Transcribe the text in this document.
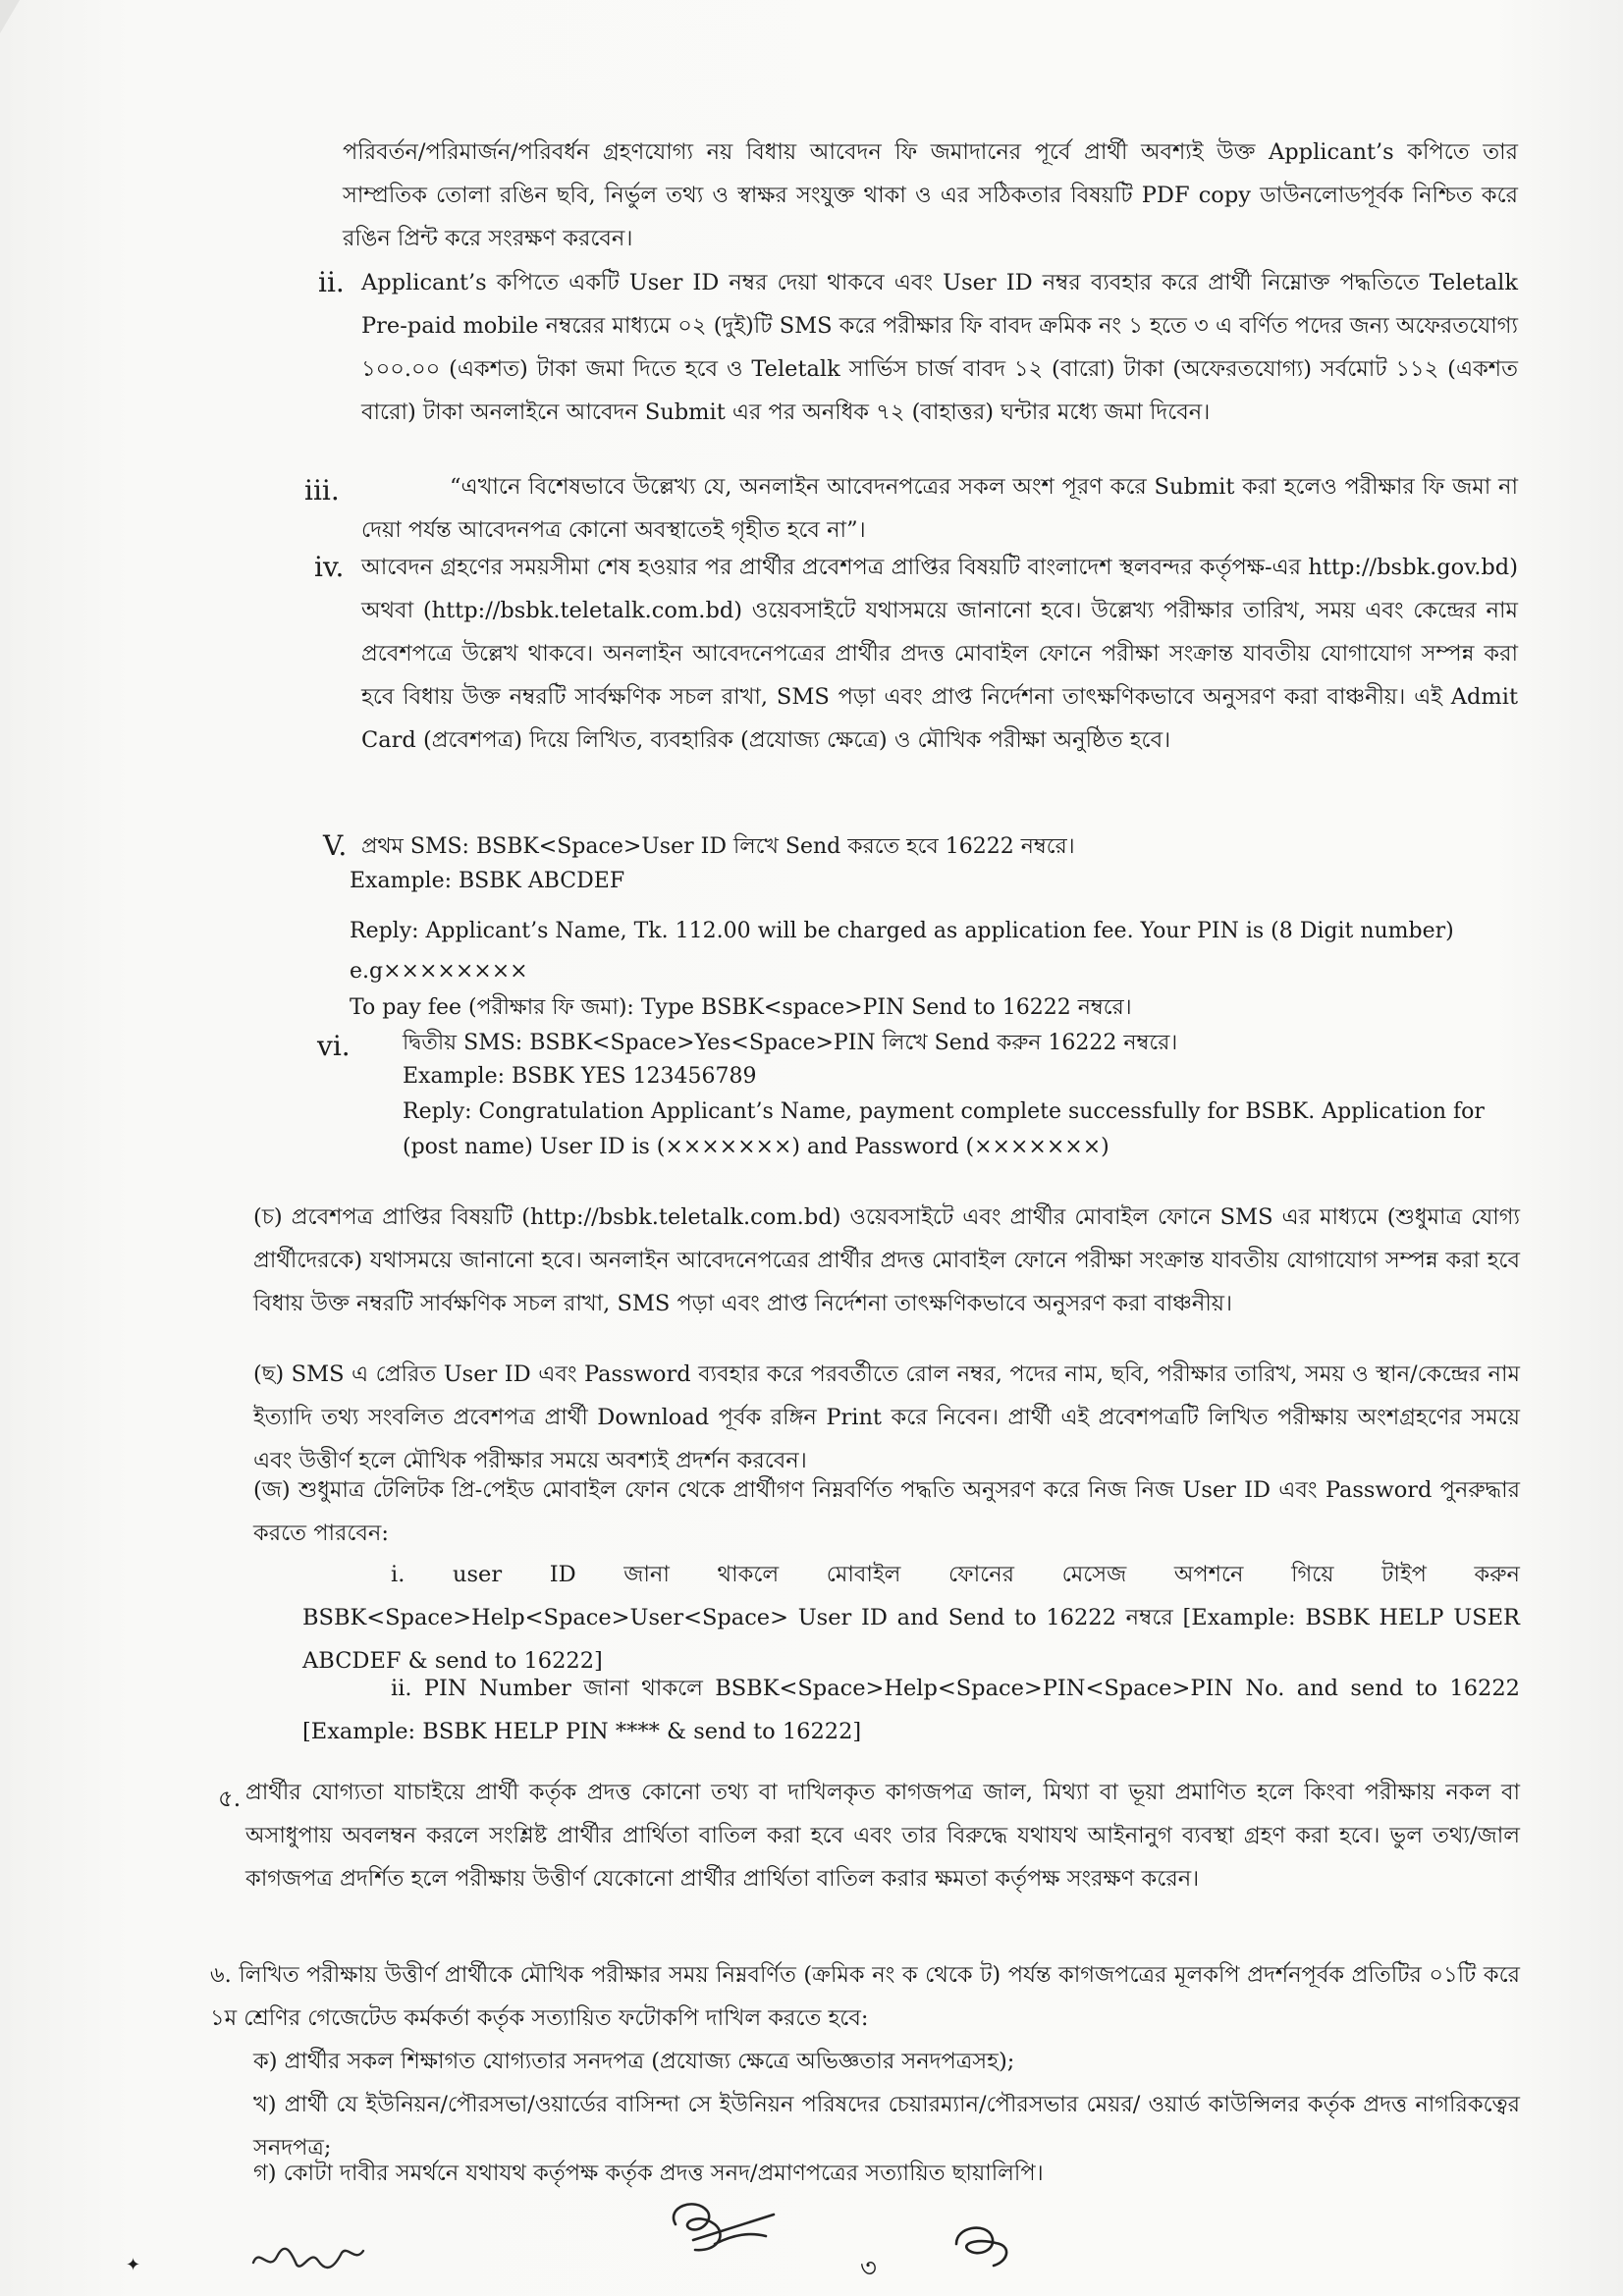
পরিবর্তন/পরিমার্জন/পরিবর্ধন গ্রহণযোগ্য নয় বিধায় আবেদন ফি জমাদানের পূর্বে প্রার্থী অবশ্যই উক্ত Applicant’s কপিতে তার সাম্প্রতিক তোলা রঙিন ছবি, নির্ভুল তথ্য ও স্বাক্ষর সংযুক্ত থাকা ও এর সঠিকতার বিষয়টি PDF copy ডাউনলোডপূর্বক নিশ্চিত করে রঙিন প্রিন্ট করে সংরক্ষণ করবেন।

ii. Applicant’s কপিতে একটি User ID নম্বর দেয়া থাকবে এবং User ID নম্বর ব্যবহার করে প্রার্থী নিম্নোক্ত পদ্ধতিতে Teletalk Pre-paid mobile নম্বরের মাধ্যমে ০২ (দুই)টি SMS করে পরীক্ষার ফি বাবদ ক্রমিক নং ১ হতে ৩ এ বর্ণিত পদের জন্য অফেরতযোগ্য ১০০.০০ (একশত) টাকা জমা দিতে হবে ও Teletalk সার্ভিস চার্জ বাবদ ১২ (বারো) টাকা (অফেরতযোগ্য) সর্বমোট ১১২ (একশত বারো) টাকা অনলাইনে আবেদন Submit এর পর অনধিক ৭২ (বাহাত্তর) ঘন্টার মধ্যে জমা দিবেন।

iii.	“এখানে বিশেষভাবে উল্লেখ্য যে, অনলাইন আবেদনপত্রের সকল অংশ পূরণ করে Submit করা হলেও পরীক্ষার ফি জমা না দেয়া পর্যন্ত আবেদনপত্র কোনো অবস্থাতেই গৃহীত হবে না”।

iv. আবেদন গ্রহণের সময়সীমা শেষ হওয়ার পর প্রার্থীর প্রবেশপত্র প্রাপ্তির বিষয়টি বাংলাদেশ স্থলবন্দর কর্তৃপক্ষ-এর http://bsbk.gov.bd) অথবা (http://bsbk.teletalk.com.bd) ওয়েবসাইটে যথাসময়ে জানানো হবে। উল্লেখ্য পরীক্ষার তারিখ, সময় এবং কেন্দ্রের নাম প্রবেশপত্রে উল্লেখ থাকবে। অনলাইন আবেদনেপত্রের প্রার্থীর প্রদত্ত মোবাইল ফোনে পরীক্ষা সংক্রান্ত যাবতীয় যোগাযোগ সম্পন্ন করা হবে বিধায় উক্ত নম্বরটি সার্বক্ষণিক সচল রাখা, SMS পড়া এবং প্রাপ্ত নির্দেশনা তাৎক্ষণিকভাবে অনুসরণ করা বাঞ্চনীয়। এই Admit Card (প্রবেশপত্র) দিয়ে লিখিত, ব্যবহারিক (প্রযোজ্য ক্ষেত্রে) ও মৌখিক পরীক্ষা অনুষ্ঠিত হবে।

V. প্রথম SMS: BSBK<Space>User ID লিখে Send করতে হবে 16222 নম্বরে।

Example: BSBK ABCDEF

Reply: Applicant’s Name, Tk. 112.00 will be charged as application fee. Your PIN is (8 Digit number)

e.g××××××××

To pay fee (পরীক্ষার ফি জমা): Type BSBK<space>PIN Send to 16222 নম্বরে।

vi. দ্বিতীয় SMS: BSBK<Space>Yes<Space>PIN লিখে Send করুন 16222 নম্বরে।

Example: BSBK YES 123456789

Reply: Congratulation Applicant’s Name, payment complete successfully for BSBK. Application for

(post name) User ID is (×××××××) and Password (×××××××)

(চ) প্রবেশপত্র প্রাপ্তির বিষয়টি (http://bsbk.teletalk.com.bd) ওয়েবসাইটে এবং প্রার্থীর মোবাইল ফোনে SMS এর মাধ্যমে (শুধুমাত্র যোগ্য প্রার্থীদেরকে) যথাসময়ে জানানো হবে। অনলাইন আবেদনেপত্রের প্রার্থীর প্রদত্ত মোবাইল ফোনে পরীক্ষা সংক্রান্ত যাবতীয় যোগাযোগ সম্পন্ন করা হবে বিধায় উক্ত নম্বরটি সার্বক্ষণিক সচল রাখা, SMS পড়া এবং প্রাপ্ত নির্দেশনা তাৎক্ষণিকভাবে অনুসরণ করা বাঞ্চনীয়।

(ছ) SMS এ প্রেরিত User ID এবং Password ব্যবহার করে পরবর্তীতে রোল নম্বর, পদের নাম, ছবি, পরীক্ষার তারিখ, সময় ও স্থান/কেন্দ্রের নাম ইত্যাদি তথ্য সংবলিত প্রবেশপত্র প্রার্থী Download পূর্বক রঙ্গিন Print করে নিবেন। প্রার্থী এই প্রবেশপত্রটি লিখিত পরীক্ষায় অংশগ্রহণের সময়ে এবং উত্তীর্ণ হলে মৌখিক পরীক্ষার সময়ে অবশ্যই প্রদর্শন করবেন।

(জ) শুধুমাত্র টেলিটক প্রি-পেইড মোবাইল ফোন থেকে প্রার্থীগণ নিম্নবর্ণিত পদ্ধতি অনুসরণ করে নিজ নিজ User ID এবং Password পুনরুদ্ধার করতে পারবেন:

i. user ID জানা থাকলে মোবাইল ফোনের মেসেজ অপশনে গিয়ে টাইপ করুন BSBK<Space>Help<Space>User<Space> User ID and Send to 16222 নম্বরে [Example: BSBK HELP USER ABCDEF & send to 16222]

ii. PIN Number জানা থাকলে BSBK<Space>Help<Space>PIN<Space>PIN No. and send to 16222 [Example: BSBK HELP PIN **** & send to 16222]

৫. প্রার্থীর যোগ্যতা যাচাইয়ে প্রার্থী কর্তৃক প্রদত্ত কোনো তথ্য বা দাখিলকৃত কাগজপত্র জাল, মিথ্যা বা ভূয়া প্রমাণিত হলে কিংবা পরীক্ষায় নকল বা অসাধুপায় অবলম্বন করলে সংশ্লিষ্ট প্রার্থীর প্রার্থিতা বাতিল করা হবে এবং তার বিরুদ্ধে যথাযথ আইনানুগ ব্যবস্থা গ্রহণ করা হবে। ভুল তথ্য/জাল কাগজপত্র প্রদর্শিত হলে পরীক্ষায় উত্তীর্ণ যেকোনো প্রার্থীর প্রার্থিতা বাতিল করার ক্ষমতা কর্তৃপক্ষ সংরক্ষণ করেন।

৬. লিখিত পরীক্ষায় উত্তীর্ণ প্রার্থীকে মৌখিক পরীক্ষার সময় নিম্নবর্ণিত (ক্রমিক নং ক থেকে ট) পর্যন্ত কাগজপত্রের মূলকপি প্রদর্শনপূর্বক প্রতিটির ০১টি করে ১ম শ্রেণির গেজেটেড কর্মকর্তা কর্তৃক সত্যায়িত ফটোকপি দাখিল করতে হবে:

ক) প্রার্থীর সকল শিক্ষাগত যোগ্যতার সনদপত্র (প্রযোজ্য ক্ষেত্রে অভিজ্ঞতার সনদপত্রসহ);

খ) প্রার্থী যে ইউনিয়ন/পৌরসভা/ওয়ার্ডের বাসিন্দা সে ইউনিয়ন পরিষদের চেয়ারম্যান/পৌরসভার মেয়র/ ওয়ার্ড কাউন্সিলর কর্তৃক প্রদত্ত নাগরিকত্বের সনদপত্র;

গ) কোটা দাবীর সমর্থনে যথাযথ কর্তৃপক্ষ কর্তৃক প্রদত্ত সনদ/প্রমাণপত্রের সত্যায়িত ছায়ালিপি।

৩
✦
